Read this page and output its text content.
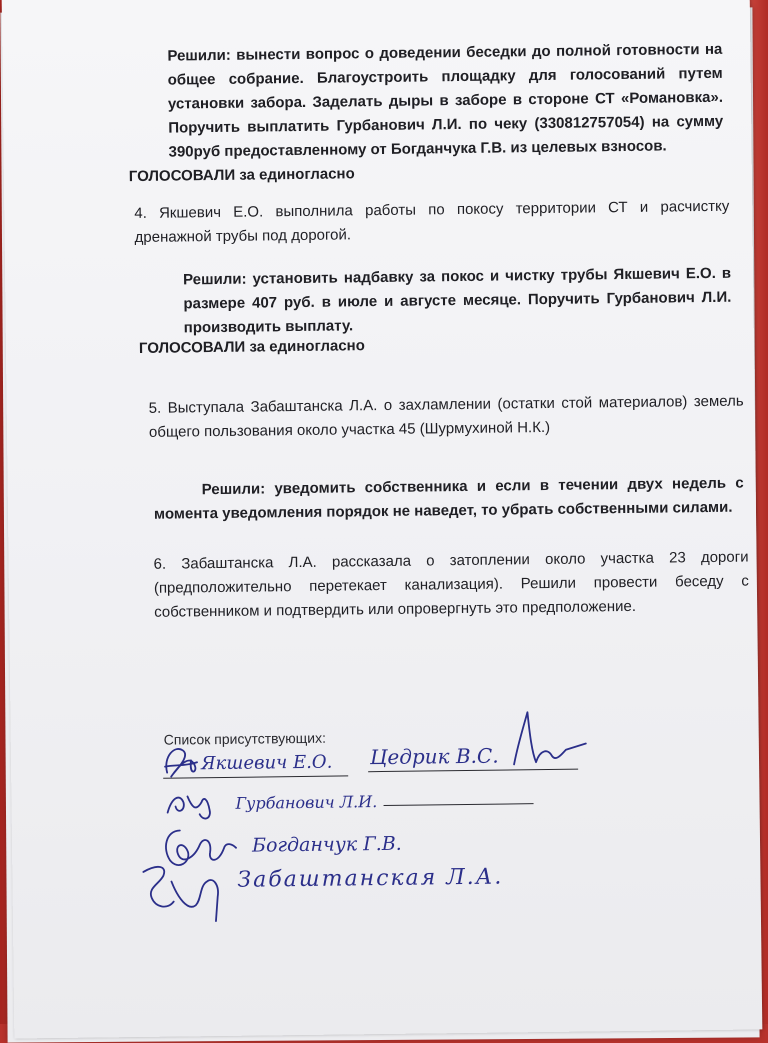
Решили: вынести вопрос о доведении беседки до полной готовности на общее собрание. Благоустроить площадку для голосований путем установки забора. Заделать дыры в заборе в стороне СТ «Романовка». Поручить выплатить Гурбанович Л.И. по чеку (330812757054) на сумму 390руб предоставленному от Богданчука Г.В. из целевых взносов.
ГОЛОСОВАЛИ за единогласно
4. Якшевич Е.О. выполнила работы по покосу территории СТ и расчистку дренажной трубы под дорогой.
Решили: установить надбавку за покос и чистку трубы Якшевич Е.О. в размере 407 руб. в июле и августе месяце. Поручить Гурбанович Л.И. производить выплату.
ГОЛОСОВАЛИ за единогласно
5. Выступала Забаштанска Л.А. о захламлении (остатки стой материалов) земель общего пользования около участка 45 (Шурмухиной Н.К.)
Решили: уведомить собственника и если в течении двух недель с момента уведомления порядок не наведет, то убрать собственными силами.
6. Забаштанска Л.А. рассказала о затоплении около участка 23 дороги (предположительно перетекает канализация). Решили провести беседу с собственником и подтвердить или опровергнуть это предположение.
Список присутствующих:
Якшевич Е.О. Цедрик В.С.
Гурбанович Л.И.
Богданчук Г.В.
Забаштанская Л.А.
